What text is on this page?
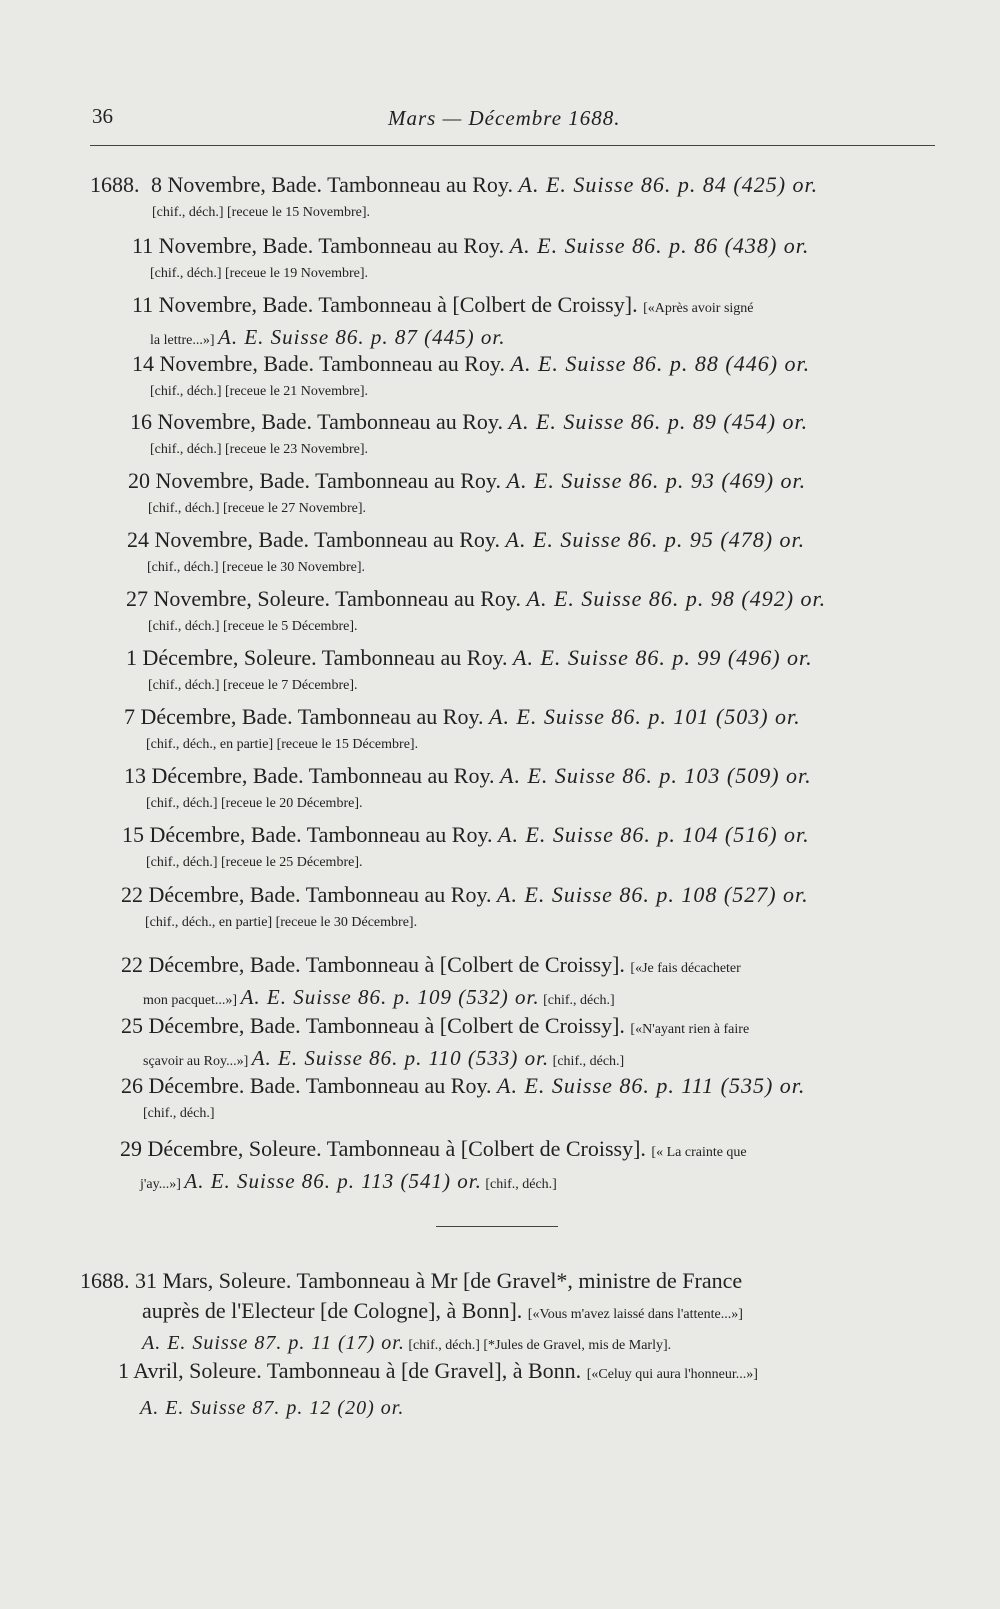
36	Mars — Décembre 1688.
1688. 8 Novembre, Bade. Tambonneau au Roy. A. E. Suisse 86. p. 84 (425) or.
[chif., déch.] [receue le 15 Novembre].
11 Novembre, Bade. Tambonneau au Roy. A. E. Suisse 86. p. 86 (438) or.
[chif., déch.] [receue le 19 Novembre].
11 Novembre, Bade. Tambonneau à [Colbert de Croissy]. [«Après avoir signé
la lettre...»] A. E. Suisse 86. p. 87 (445) or.
14 Novembre, Bade. Tambonneau au Roy. A. E. Suisse 86. p. 88 (446) or.
[chif., déch.] [receue le 21 Novembre].
16 Novembre, Bade. Tambonneau au Roy. A. E. Suisse 86. p. 89 (454) or.
[chif., déch.] [receue le 23 Novembre].
20 Novembre, Bade. Tambonneau au Roy. A. E. Suisse 86. p. 93 (469) or.
[chif., déch.] [receue le 27 Novembre].
24 Novembre, Bade. Tambonneau au Roy. A. E. Suisse 86. p. 95 (478) or.
[chif., déch.] [receue le 30 Novembre].
27 Novembre, Soleure. Tambonneau au Roy. A. E. Suisse 86. p. 98 (492) or.
[chif., déch.] [receue le 5 Décembre].
1 Décembre, Soleure. Tambonneau au Roy. A. E. Suisse 86. p. 99 (496) or.
[chif., déch.] [receue le 7 Décembre].
7 Décembre, Bade. Tambonneau au Roy. A. E. Suisse 86. p. 101 (503) or.
[chif., déch., en partie] [receue le 15 Décembre].
13 Décembre, Bade. Tambonneau au Roy. A. E. Suisse 86. p. 103 (509) or.
[chif., déch.] [receue le 20 Décembre].
15 Décembre, Bade. Tambonneau au Roy. A. E. Suisse 86. p. 104 (516) or.
[chif., déch.] [receue le 25 Décembre].
22 Décembre, Bade. Tambonneau au Roy. A. E. Suisse 86. p. 108 (527) or.
[chif., déch., en partie] [receue le 30 Décembre].
22 Décembre, Bade. Tambonneau à [Colbert de Croissy]. [«Je fais décacheter
mon pacquet...»] A. E. Suisse 86. p. 109 (532) or. [chif., déch.]
25 Décembre, Bade. Tambonneau à [Colbert de Croissy]. [«N'ayant rien à faire
sçavoir au Roy...»] A. E. Suisse 86. p. 110 (533) or. [chif., déch.]
26 Décembre. Bade. Tambonneau au Roy. A. E. Suisse 86. p. 111 (535) or.
[chif., déch.]
29 Décembre, Soleure. Tambonneau à [Colbert de Croissy]. [« La crainte que
j'ay...»] A. E. Suisse 86. p. 113 (541) or. [chif., déch.]
1688. 31 Mars, Soleure. Tambonneau à Mr [de Gravel*, ministre de France
auprès de l'Electeur [de Cologne], à Bonn]. [«Vous m'avez laissé dans l'attente...»]
A. E. Suisse 87. p. 11 (17) or. [chif., déch.] [*Jules de Gravel, mis de Marly].
1 Avril, Soleure. Tambonneau à [de Gravel], à Bonn. [«Celuy qui aura l'honneur...»]
A. E. Suisse 87. p. 12 (20) or.
